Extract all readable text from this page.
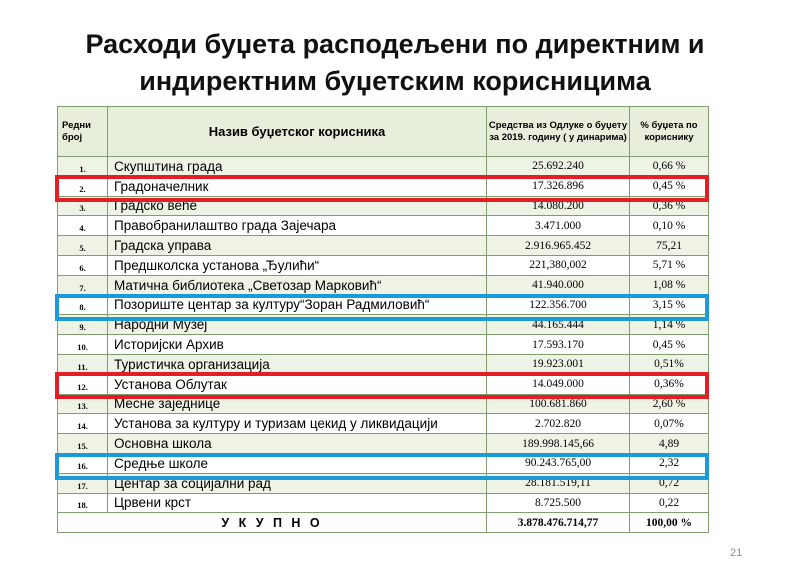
Расходи буџета расподељени по директним и
индиректним буџетским корисницима
Редни број	Назив буџетског корисника	Средства из Одлуке о буџету за 2019. годину ( у динарима)	% буџета по кориснику
1.	Скупштина града	25.692.240	0,66 %
2.	Градоначелник	17.326.896	0,45 %
3.	Градско веће	14.080.200	0,36 %
4.	Правобранилаштво града Зајечара	3.471.000	0,10 %
5.	Градска управа	2.916.965.452	75,21
6.	Предшколска установа „Ђулићи“	221,380,002	5,71 %
7.	Матична библиотека „Светозар Марковић“	41.940.000	1,08 %
8.	Позориште центар за културу“Зоран Радмиловић“	122.356.700	3,15 %
9.	Народни Музеј	44.165.444	1,14 %
10.	Историјски Архив	17.593.170	0,45 %
11.	Туристичка организација	19.923.001	0,51%
12.	Установа Облутак	14.049.000	0,36%
13.	Месне заједнице	100.681.860	2,60 %
14.	Установа за културу и туризам цекид у ликвидацији	2.702.820	0,07%
15.	Основна школа	189.998.145,66	4,89
16.	Средње школе	90.243.765,00	2,32
17.	Центар за социјални рад	28.181.519,11	0,72
18.	Црвени крст	8.725.500	0,22
У К У П Н О		3.878.476.714,77	100,00 %
21
